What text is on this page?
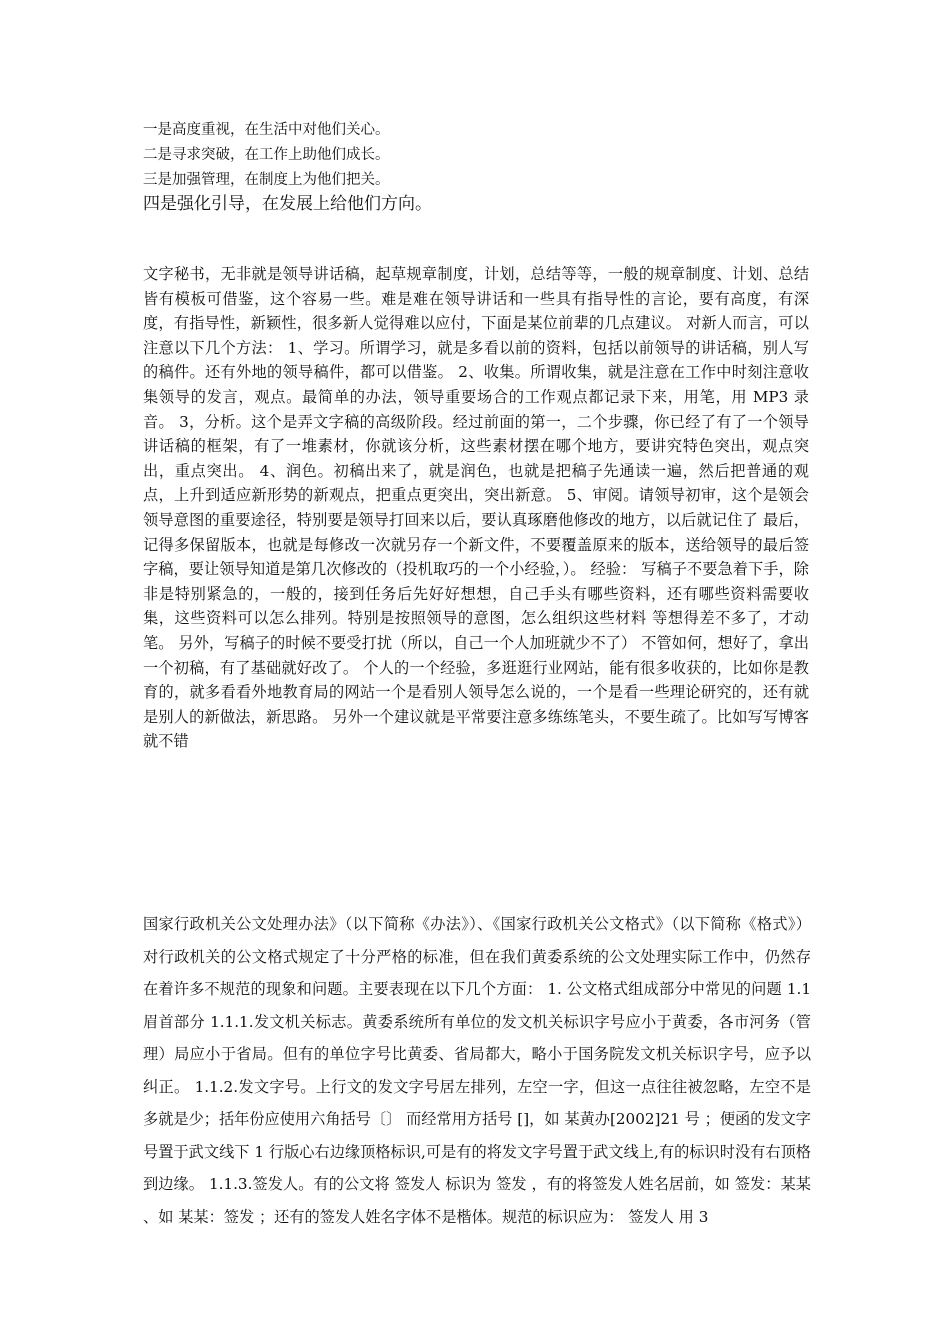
一是高度重视，在生活中对他们关心。
二是寻求突破，在工作上助他们成长。
三是加强管理，在制度上为他们把关。
四是强化引导，在发展上给他们方向。

文字秘书，无非就是领导讲话稿，起草规章制度，计划，总结等等，一般的规章制度、计划、总结皆有模板可借鉴，这个容易一些。难是难在领导讲话和一些具有指导性的言论，要有高度，有深度，有指导性，新颖性，很多新人觉得难以应付，下面是某位前辈的几点建议。 对新人而言，可以注意以下几个方法： 1、学习。所谓学习，就是多看以前的资料，包括以前领导的讲话稿，别人写的稿件。还有外地的领导稿件，都可以借鉴。 2、收集。所谓收集，就是注意在工作中时刻注意收集领导的发言，观点。最简单的办法，领导重要场合的工作观点都记录下来，用笔，用 MP3 录音。 3，分析。这个是弄文字稿的高级阶段。经过前面的第一，二个步骤，你已经了有了一个领导讲话稿的框架，有了一堆素材，你就该分析，这些素材摆在哪个地方，要讲究特色突出，观点突出，重点突出。 4、润色。初稿出来了，就是润色，也就是把稿子先通读一遍，然后把普通的观点，上升到适应新形势的新观点，把重点更突出，突出新意。 5、审阅。请领导初审，这个是领会领导意图的重要途径，特别要是领导打回来以后，要认真琢磨他修改的地方，以后就记住了 最后，记得多保留版本，也就是每修改一次就另存一个新文件，不要覆盖原来的版本，送给领导的最后签字稿，要让领导知道是第几次修改的（投机取巧的一个小经验，）。 经验： 写稿子不要急着下手，除非是特别紧急的，一般的，接到任务后先好好想想，自己手头有哪些资料，还有哪些资料需要收集，这些资料可以怎么排列。特别是按照领导的意图，怎么组织这些材料 等想得差不多了，才动笔。 另外，写稿子的时候不要受打扰（所以，自己一个人加班就少不了） 不管如何，想好了，拿出一个初稿，有了基础就好改了。 个人的一个经验，多逛逛行业网站，能有很多收获的，比如你是教育的，就多看看外地教育局的网站一个是看别人领导怎么说的，一个是看一些理论研究的，还有就是别人的新做法，新思路。 另外一个建议就是平常要注意多练练笔头，不要生疏了。比如写写博客就不错

国家行政机关公文处理办法》（以下简称《办法》）、《国家行政机关公文格式》（以下简称《格式》）对行政机关的公文格式规定了十分严格的标准，但在我们黄委系统的公文处理实际工作中，仍然存在着许多不规范的现象和问题。主要表现在以下几个方面： 1. 公文格式组成部分中常见的问题 1.1 眉首部分 1.1.1.发文机关标志。黄委系统所有单位的发文机关标识字号应小于黄委，各市河务（管理）局应小于省局。但有的单位字号比黄委、省局都大，略小于国务院发文机关标识字号，应予以纠正。 1.1.2.发文字号。上行文的发文字号居左排列，左空一字，但这一点往往被忽略，左空不是多就是少；括年份应使用六角括号〔〕 而经常用方括号 []，如 某黄办[2002]21 号 ；便函的发文字号置于武文线下 1 行版心右边缘顶格标识,可是有的将发文字号置于武文线上,有的标识时没有右顶格到边缘。 1.1.3.签发人。有的公文将 签发人 标识为 签发 ，有的将签发人姓名居前，如 签发：某某 、如 某某：签发 ；还有的签发人姓名字体不是楷体。规范的标识应为： 签发人 用 3
